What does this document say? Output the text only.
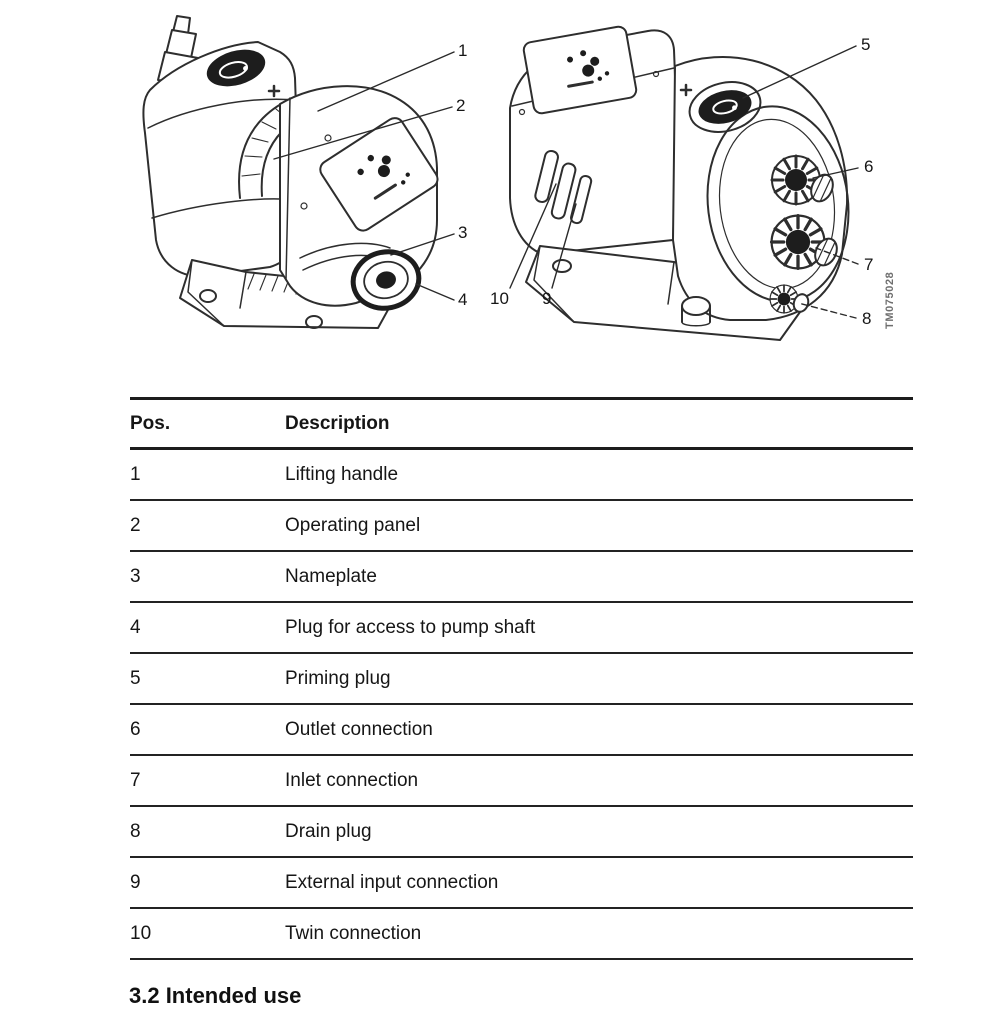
1
2
3
4
5
6
7
8
9
10	TM075028
Pos.	Description
1	Lifting handle
2	Operating panel
3	Nameplate
4	Plug for access to pump shaft
5	Priming plug
6	Outlet connection
7	Inlet connection
8	Drain plug
9	External input connection
10	Twin connection
3.2 Intended use
